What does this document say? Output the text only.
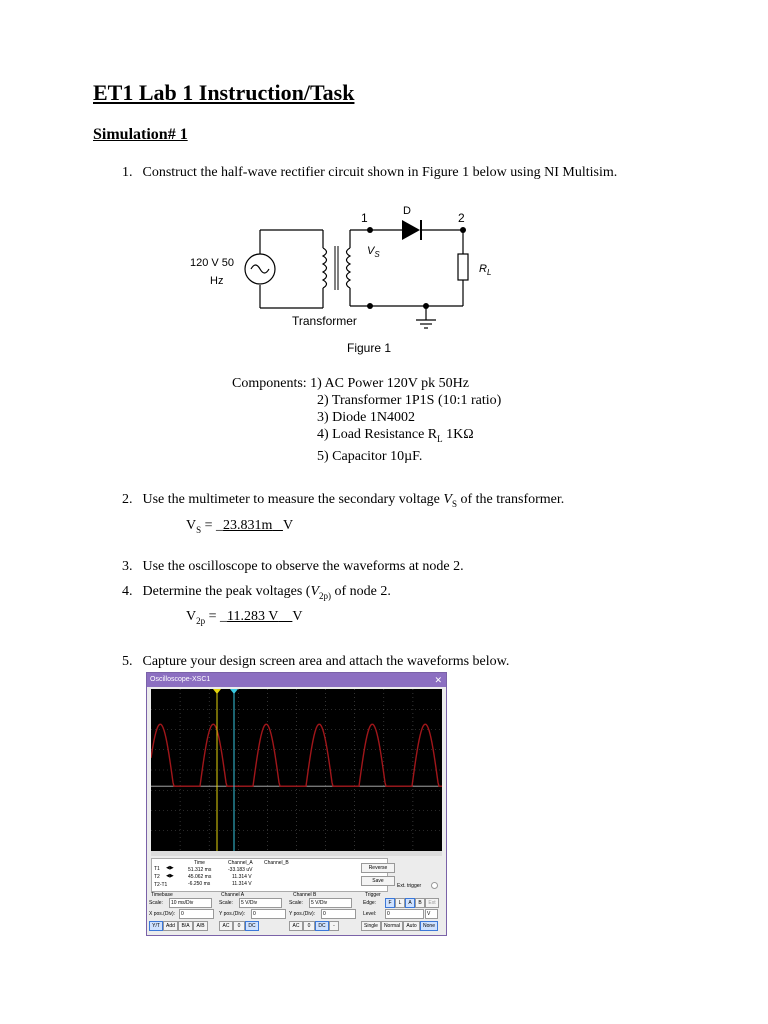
ET1 Lab 1 Instruction/Task
Simulation# 1
1. Construct the half-wave rectifier circuit shown in Figure 1 below using NI Multisim.
120 V 50
Hz
1	2
D
$V_S$
$R_L$
Transformer
Figure 1
Components: 1) AC Power 120V pk 50Hz
2) Transformer 1P1S (10:1 ratio)
3) Diode 1N4002
4) Load Resistance $R_L$ 1KΩ
5) Capacitor 10µF.
2. Use the multimeter to measure the secondary voltage $V_S$ of the transformer.
$V_S$ = _23.831m V
3. Use the oscilloscope to observe the waveforms at node 2.
4. Determine the peak voltages ($V_{2p)}$ of node 2.
$V_{2p}$ = _11.283 V V
5. Capture your design screen area and attach the waveforms below.
Oscilloscope-XSC1	✕
Time	Channel_A Channel_B
T1 ◀▶	51.312 ms	-33.183 uV
T2 ◀▶	45.062 ms	11.314 V
T2-T1	-6.250 ms	11.314 V
Reverse
Save
Ext. trigger
Timebase
Scale:	10 ms/Div
X pos.(Div):	0
Y/T	Add	B/A	A/B
Channel A
Scale:	5 V/Div
Y pos.(Div):	0
AC	0	DC
Channel B
Scale:	5 V/Div
Y pos.(Div):	0
AC	0	DC	-
Trigger
Edge:	F	L	A	B	Ext
Level:	0	V
Single	Normal	Auto	None
